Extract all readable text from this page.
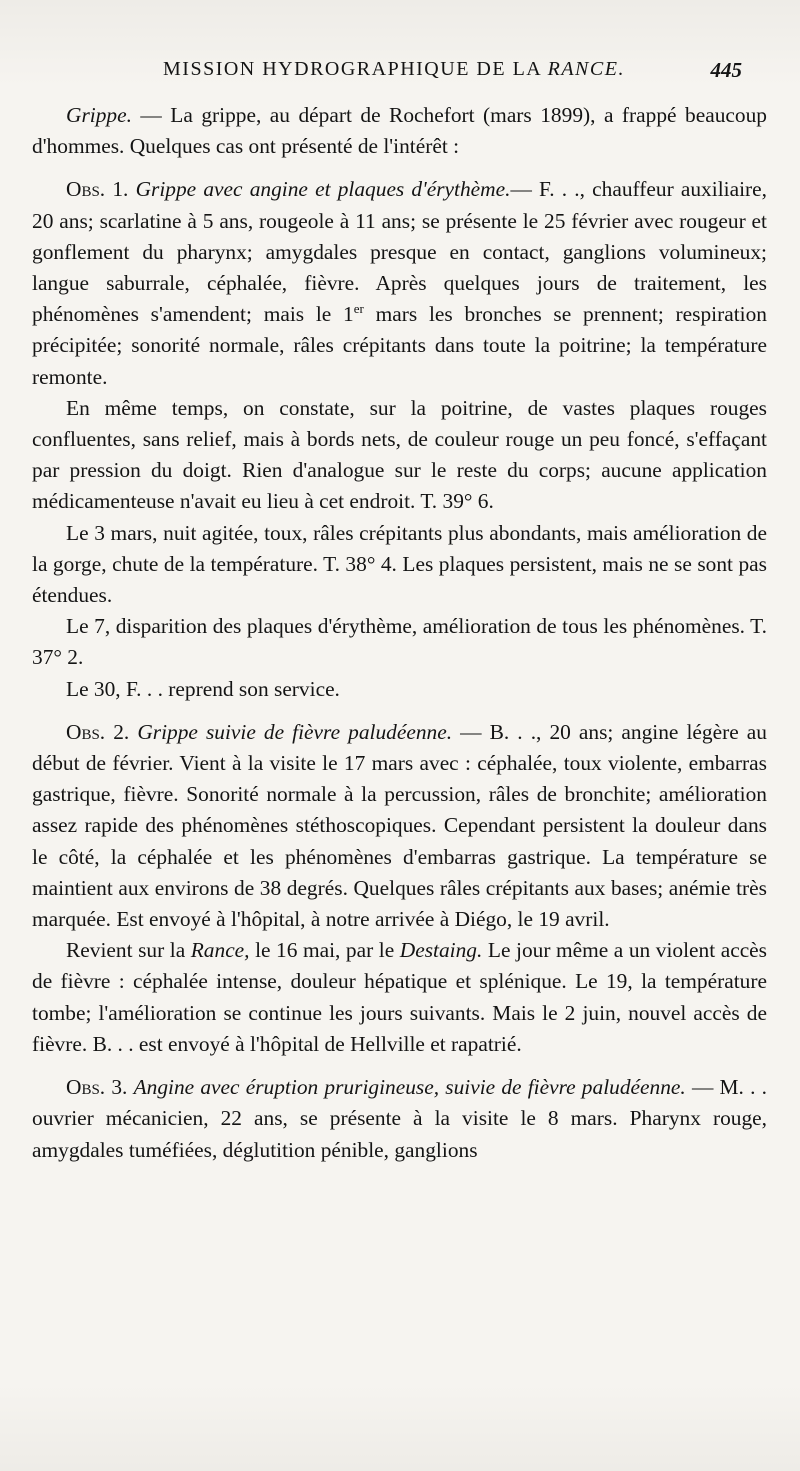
MISSION HYDROGRAPHIQUE DE LA RANCE.	445

Grippe. — La grippe, au départ de Rochefort (mars 1899), a frappé beaucoup d'hommes. Quelques cas ont présenté de l'intérêt :

Obs. 1. Grippe avec angine et plaques d'érythème.— F. . ., chauffeur auxiliaire, 20 ans; scarlatine à 5 ans, rougeole à 11 ans; se présente le 25 février avec rougeur et gonflement du pharynx; amygdales presque en contact, ganglions volumineux; langue saburrale, céphalée, fièvre. Après quelques jours de traitement, les phénomènes s'amendent; mais le 1er mars les bronches se prennent; respiration précipitée; sonorité normale, râles crépitants dans toute la poitrine; la température remonte.

En même temps, on constate, sur la poitrine, de vastes plaques rouges confluentes, sans relief, mais à bords nets, de couleur rouge un peu foncé, s'effaçant par pression du doigt. Rien d'analogue sur le reste du corps; aucune application médicamenteuse n'avait eu lieu à cet endroit. T. 39° 6.

Le 3 mars, nuit agitée, toux, râles crépitants plus abondants, mais amélioration de la gorge, chute de la température. T. 38° 4. Les plaques persistent, mais ne se sont pas étendues.

Le 7, disparition des plaques d'érythème, amélioration de tous les phénomènes. T. 37° 2.

Le 30, F. . . reprend son service.

Obs. 2. Grippe suivie de fièvre paludéenne. — B. . ., 20 ans; angine légère au début de février. Vient à la visite le 17 mars avec : céphalée, toux violente, embarras gastrique, fièvre. Sonorité normale à la percussion, râles de bronchite; amélioration assez rapide des phénomènes stéthoscopiques. Cependant persistent la douleur dans le côté, la céphalée et les phénomènes d'embarras gastrique. La température se maintient aux environs de 38 degrés. Quelques râles crépitants aux bases; anémie très marquée. Est envoyé à l'hôpital, à notre arrivée à Diégo, le 19 avril.

Revient sur la Rance, le 16 mai, par le Destaing. Le jour même a un violent accès de fièvre : céphalée intense, douleur hépatique et splénique. Le 19, la température tombe; l'amélioration se continue les jours suivants. Mais le 2 juin, nouvel accès de fièvre. B. . . est envoyé à l'hôpital de Hellville et rapatrié.

Obs. 3. Angine avec éruption prurigineuse, suivie de fièvre paludéenne. — M. . . ouvrier mécanicien, 22 ans, se présente à la visite le 8 mars. Pharynx rouge, amygdales tuméfiées, déglutition pénible, ganglions
